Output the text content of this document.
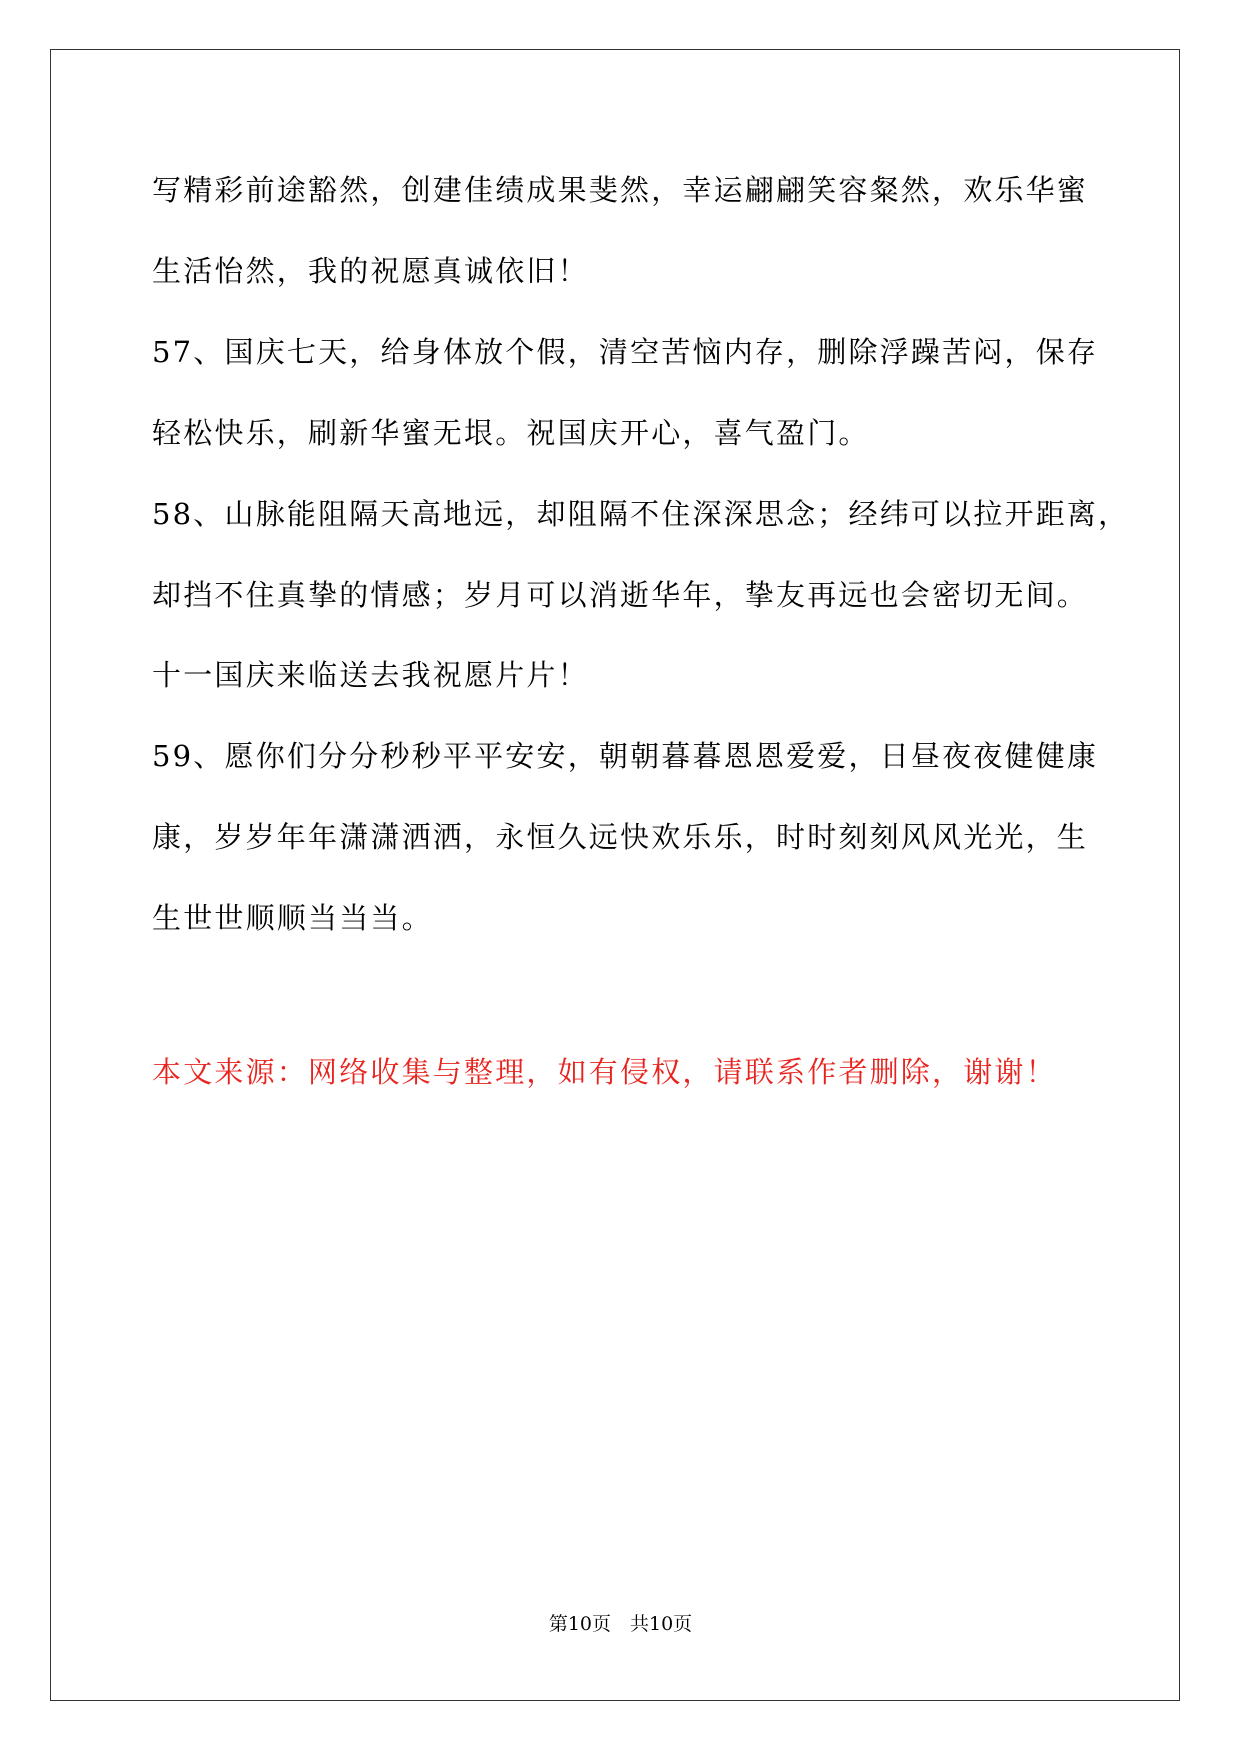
写精彩前途豁然，创建佳绩成果斐然，幸运翩翩笑容粲然，欢乐华蜜
生活怡然，我的祝愿真诚依旧！
57、国庆七天，给身体放个假，清空苦恼内存，删除浮躁苦闷，保存
轻松快乐，刷新华蜜无垠。祝国庆开心，喜气盈门。
58、山脉能阻隔天高地远，却阻隔不住深深思念；经纬可以拉开距离，
却挡不住真挚的情感；岁月可以消逝华年，挚友再远也会密切无间。
十一国庆来临送去我祝愿片片！
59、愿你们分分秒秒平平安安，朝朝暮暮恩恩爱爱，日昼夜夜健健康
康，岁岁年年潇潇洒洒，永恒久远快欢乐乐，时时刻刻风风光光，生
生世世顺顺当当当。
本文来源：网络收集与整理，如有侵权，请联系作者删除，谢谢！
第10页　共10页
